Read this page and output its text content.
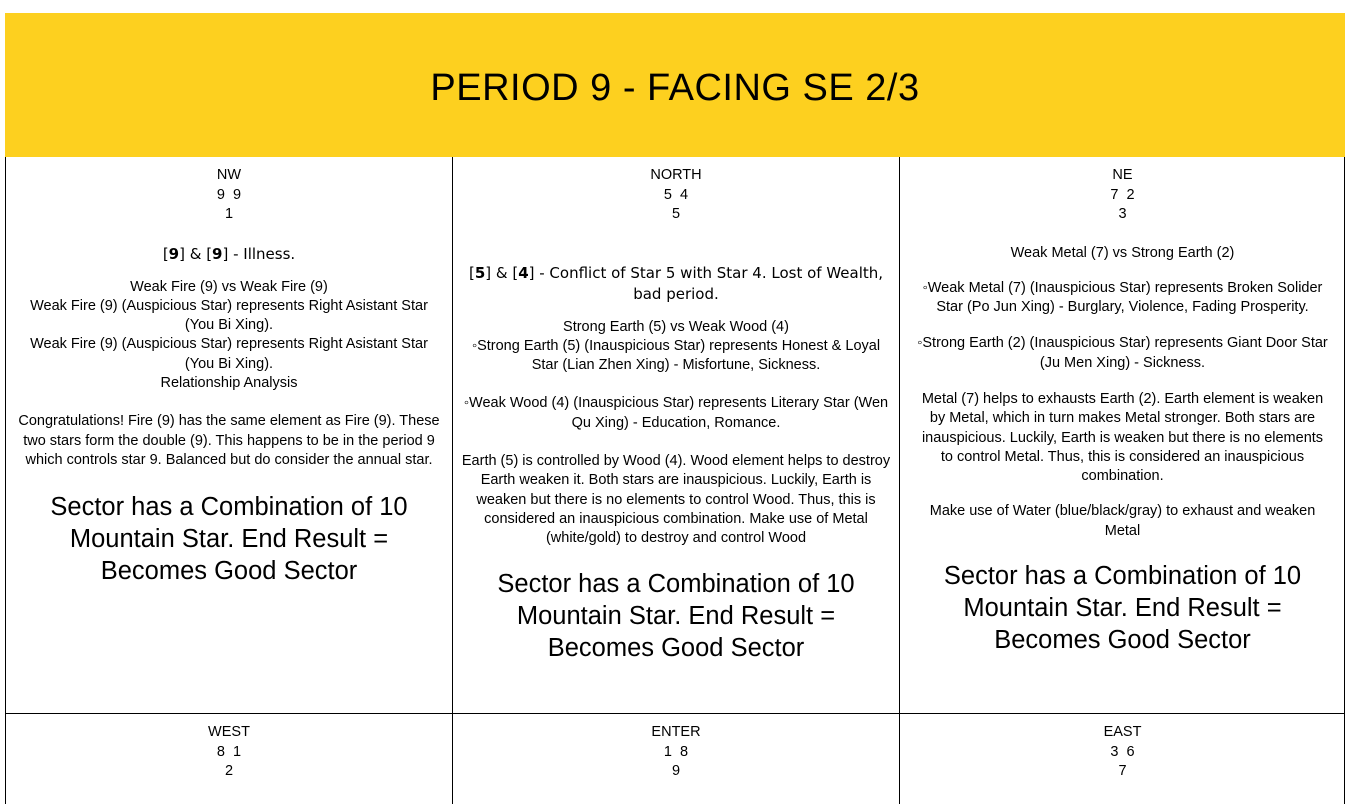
PERIOD 9 - FACING SE 2/3
NW
9  9
1

[9] & [9] - Illness.

Weak Fire (9) vs Weak Fire (9)

Weak Fire (9) (Auspicious Star) represents Right Asistant Star (You Bi Xing).

Weak Fire (9) (Auspicious Star) represents Right Asistant Star (You Bi Xing).

Relationship Analysis

Congratulations! Fire (9) has the same element as Fire (9). These two stars form the double (9). This happens to be in the period 9 which controls star 9. Balanced but do consider the annual star.

Sector has a Combination of 10 Mountain Star. End Result = Becomes Good Sector

NORTH
5  4
5

[5] & [4] - Conflict of Star 5 with Star 4. Lost of Wealth, bad period.

Strong Earth (5) vs Weak Wood (4)

◦Strong Earth (5) (Inauspicious Star) represents Honest & Loyal Star (Lian Zhen Xing) - Misfortune, Sickness.

◦Weak Wood (4) (Inauspicious Star) represents Literary Star (Wen Qu Xing) - Education, Romance.

Earth (5) is controlled by Wood (4). Wood element helps to destroy Earth weaken it. Both stars are inauspicious. Luckily, Earth is weaken but there is no elements to control Wood. Thus, this is considered an inauspicious combination. Make use of Metal (white/gold) to destroy and control Wood

Sector has a Combination of 10 Mountain Star. End Result = Becomes Good Sector

NE
7  2
3

Weak Metal (7) vs Strong Earth (2)

◦Weak Metal (7) (Inauspicious Star) represents Broken Solider Star (Po Jun Xing) - Burglary, Violence, Fading Prosperity.

◦Strong Earth (2) (Inauspicious Star) represents Giant Door Star (Ju Men Xing) - Sickness.

Metal (7) helps to exhausts Earth (2). Earth element is weaken by Metal, which in turn makes Metal stronger. Both stars are inauspicious. Luckily, Earth is weaken but there is no elements to control Metal. Thus, this is considered an inauspicious combination.

Make use of Water (blue/black/gray) to exhaust and weaken Metal

Sector has a Combination of 10 Mountain Star. End Result = Becomes Good Sector

WEST
8  1
2
ENTER
1  8
9
EAST
3  6
7
